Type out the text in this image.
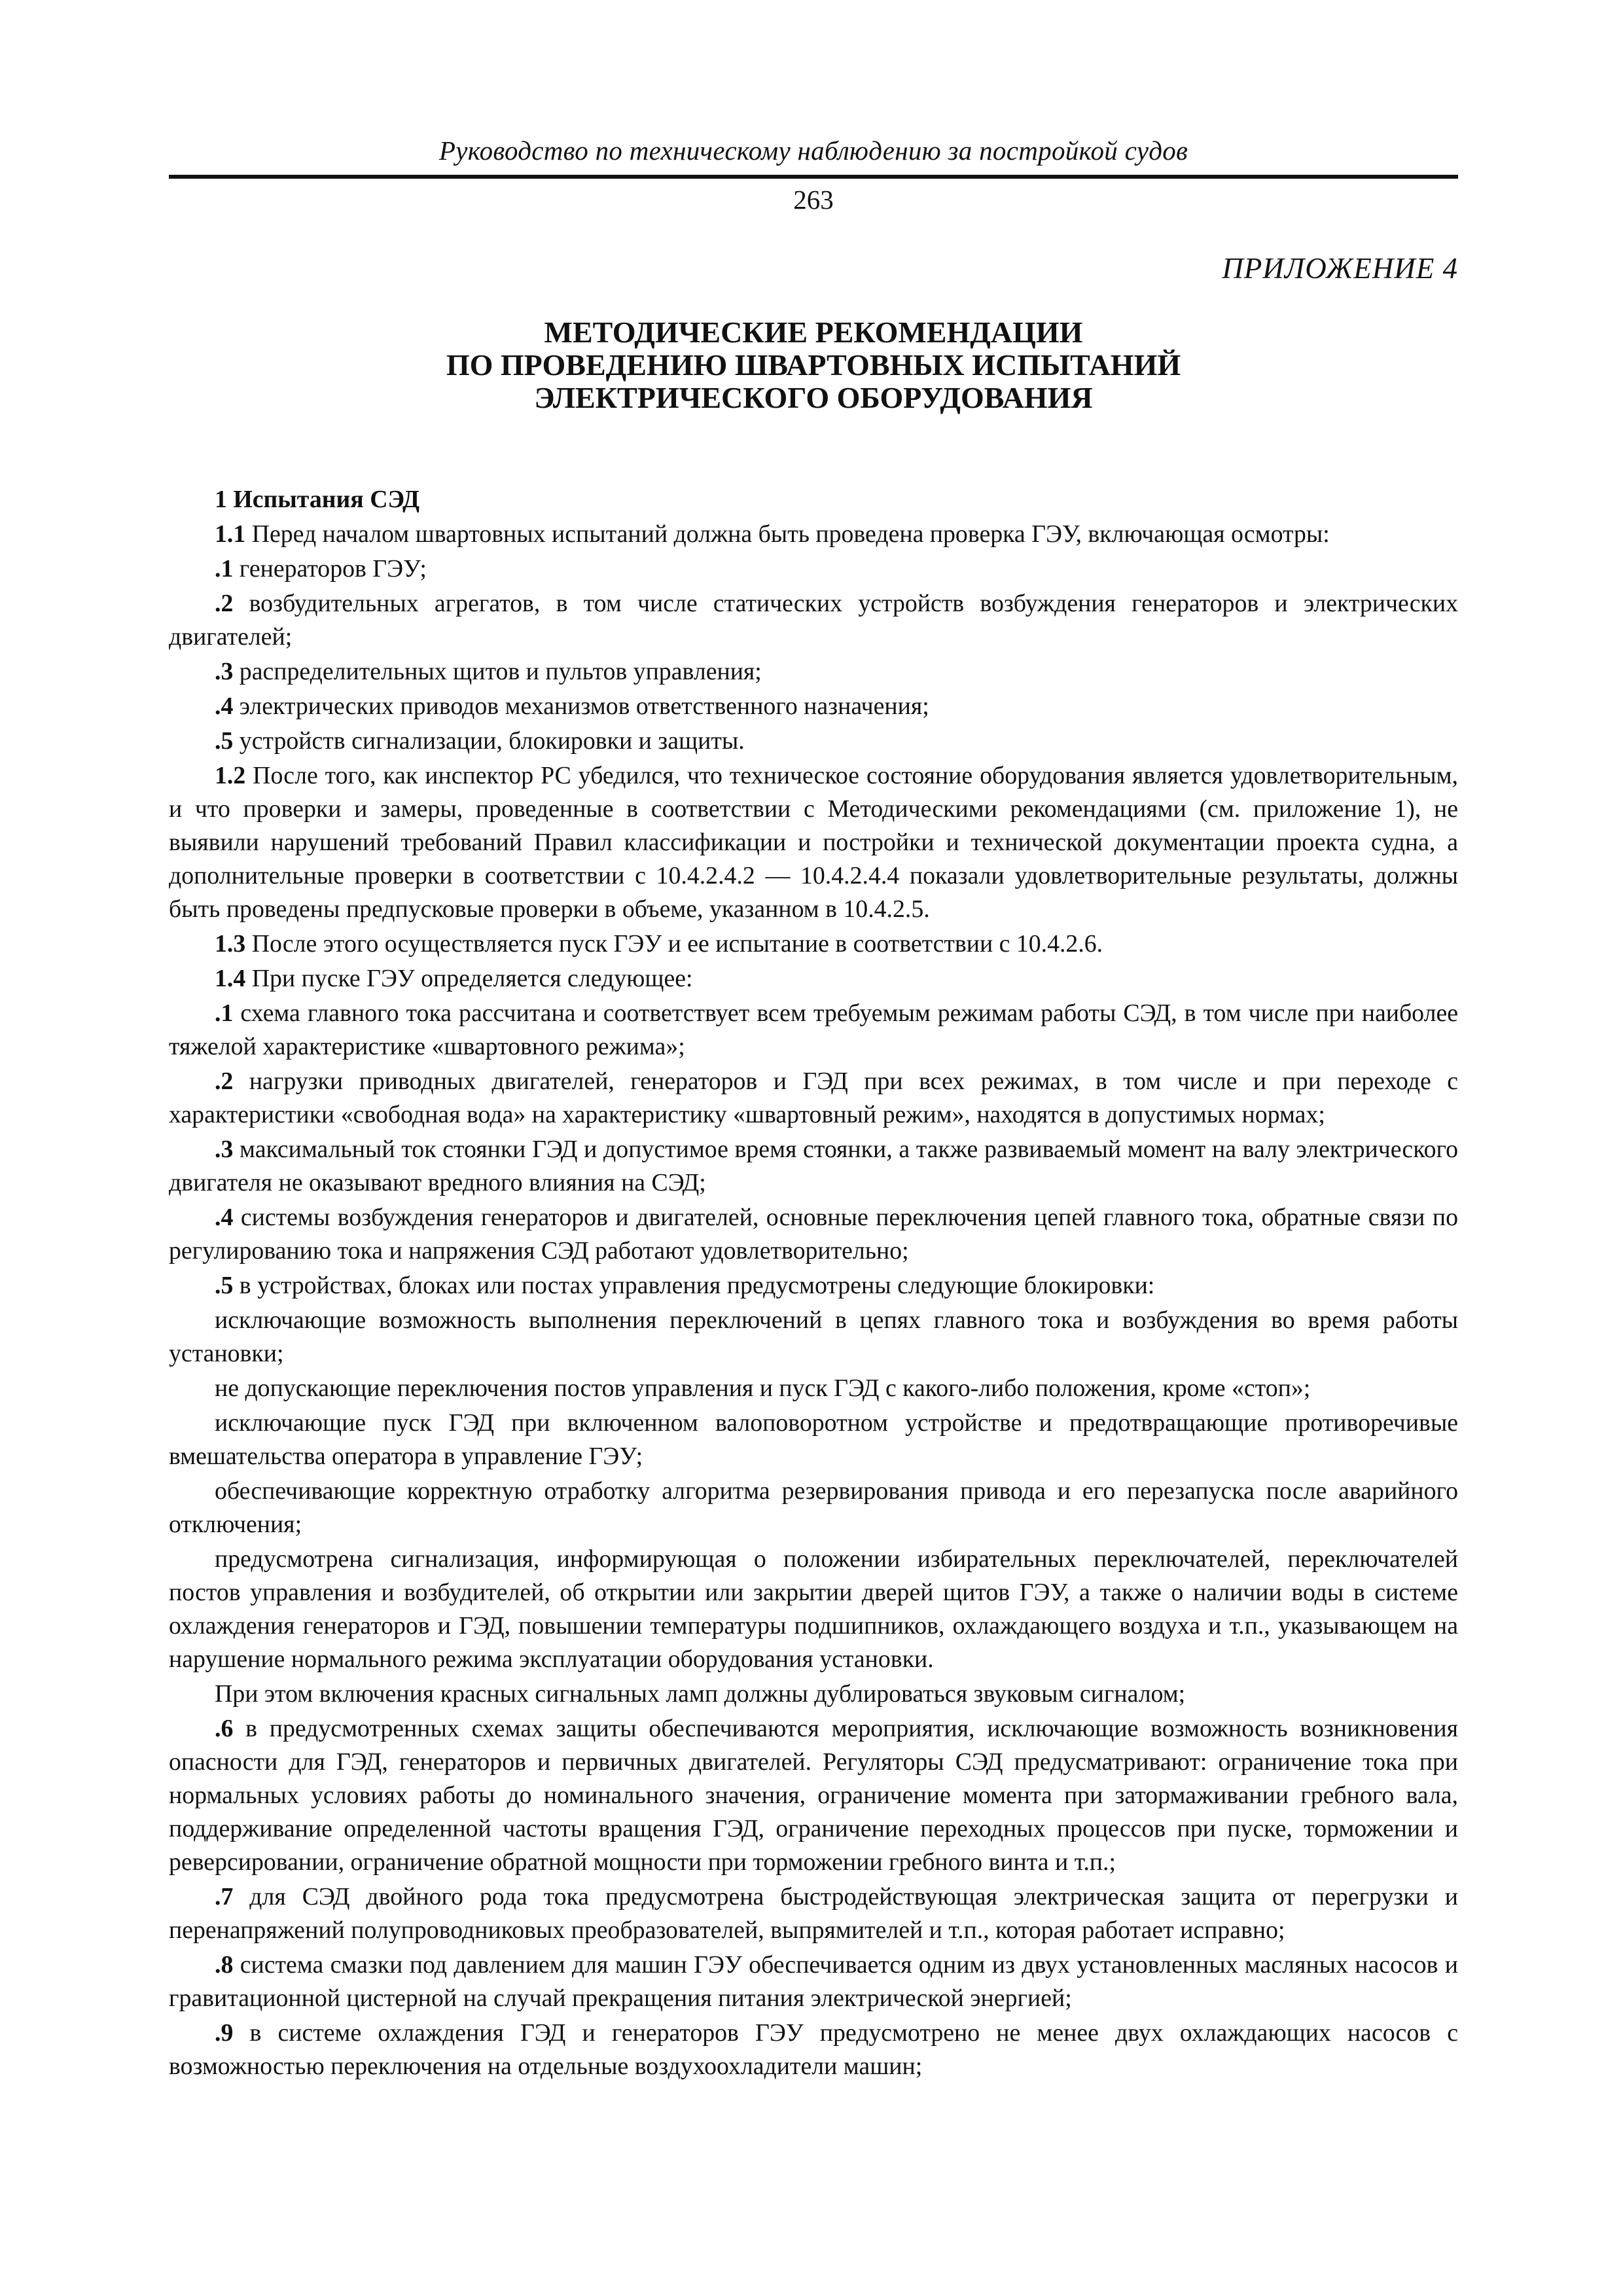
Руководство по техническому наблюдению за постройкой судов
263
ПРИЛОЖЕНИЕ 4
МЕТОДИЧЕСКИЕ РЕКОМЕНДАЦИИ
ПО ПРОВЕДЕНИЮ ШВАРТОВНЫХ ИСПЫТАНИЙ
ЭЛЕКТРИЧЕСКОГО ОБОРУДОВАНИЯ

1 Испытания СЭД

1.1 Перед началом швартовных испытаний должна быть проведена проверка ГЭУ, включающая осмотры:

.1 генераторов ГЭУ;

.2 возбудительных агрегатов, в том числе статических устройств возбуждения генераторов и электрических двигателей;

.3 распределительных щитов и пультов управления;

.4 электрических приводов механизмов ответственного назначения;

.5 устройств сигнализации, блокировки и защиты.

1.2 После того, как инспектор РС убедился, что техническое состояние оборудования является удовлетворительным, и что проверки и замеры, проведенные в соответствии с Методическими рекомендациями (см. приложение 1), не выявили нарушений требований Правил классификации и постройки и технической документации проекта судна, а дополнительные проверки в соответствии с 10.4.2.4.2 — 10.4.2.4.4 показали удовлетворительные результаты, должны быть проведены предпусковые проверки в объеме, указанном в 10.4.2.5.

1.3 После этого осуществляется пуск ГЭУ и ее испытание в соответствии с 10.4.2.6.

1.4 При пуске ГЭУ определяется следующее:

.1 схема главного тока рассчитана и соответствует всем требуемым режимам работы СЭД, в том числе при наиболее тяжелой характеристике «швартовного режима»;

.2 нагрузки приводных двигателей, генераторов и ГЭД при всех режимах, в том числе и при переходе с характеристики «свободная вода» на характеристику «швартовный режим», находятся в допустимых нормах;

.3 максимальный ток стоянки ГЭД и допустимое время стоянки, а также развиваемый момент на валу электрического двигателя не оказывают вредного влияния на СЭД;

.4 системы возбуждения генераторов и двигателей, основные переключения цепей главного тока, обратные связи по регулированию тока и напряжения СЭД работают удовлетворительно;

.5 в устройствах, блоках или постах управления предусмотрены следующие блокировки:

исключающие возможность выполнения переключений в цепях главного тока и возбуждения во время работы установки;

не допускающие переключения постов управления и пуск ГЭД с какого-либо положения, кроме «стоп»;

исключающие пуск ГЭД при включенном валоповоротном устройстве и предотвращающие противоречивые вмешательства оператора в управление ГЭУ;

обеспечивающие корректную отработку алгоритма резервирования привода и его перезапуска после аварийного отключения;

предусмотрена сигнализация, информирующая о положении избирательных переключателей, переключателей постов управления и возбудителей, об открытии или закрытии дверей щитов ГЭУ, а также о наличии воды в системе охлаждения генераторов и ГЭД, повышении температуры подшипников, охлаждающего воздуха и т.п., указывающем на нарушение нормального режима эксплуатации оборудования установки.

При этом включения красных сигнальных ламп должны дублироваться звуковым сигналом;

.6 в предусмотренных схемах защиты обеспечиваются мероприятия, исключающие возможность возникновения опасности для ГЭД, генераторов и первичных двигателей. Регуляторы СЭД предусматривают: ограничение тока при нормальных условиях работы до номинального значения, ограничение момента при затормаживании гребного вала, поддерживание определенной частоты вращения ГЭД, ограничение переходных процессов при пуске, торможении и реверсировании, ограничение обратной мощности при торможении гребного винта и т.п.;

.7 для СЭД двойного рода тока предусмотрена быстродействующая электрическая защита от перегрузки и перенапряжений полупроводниковых преобразователей, выпрямителей и т.п., которая работает исправно;

.8 система смазки под давлением для машин ГЭУ обеспечивается одним из двух установленных масляных насосов и гравитационной цистерной на случай прекращения питания электрической энергией;

.9 в системе охлаждения ГЭД и генераторов ГЭУ предусмотрено не менее двух охлаждающих насосов с возможностью переключения на отдельные воздухоохладители машин;
